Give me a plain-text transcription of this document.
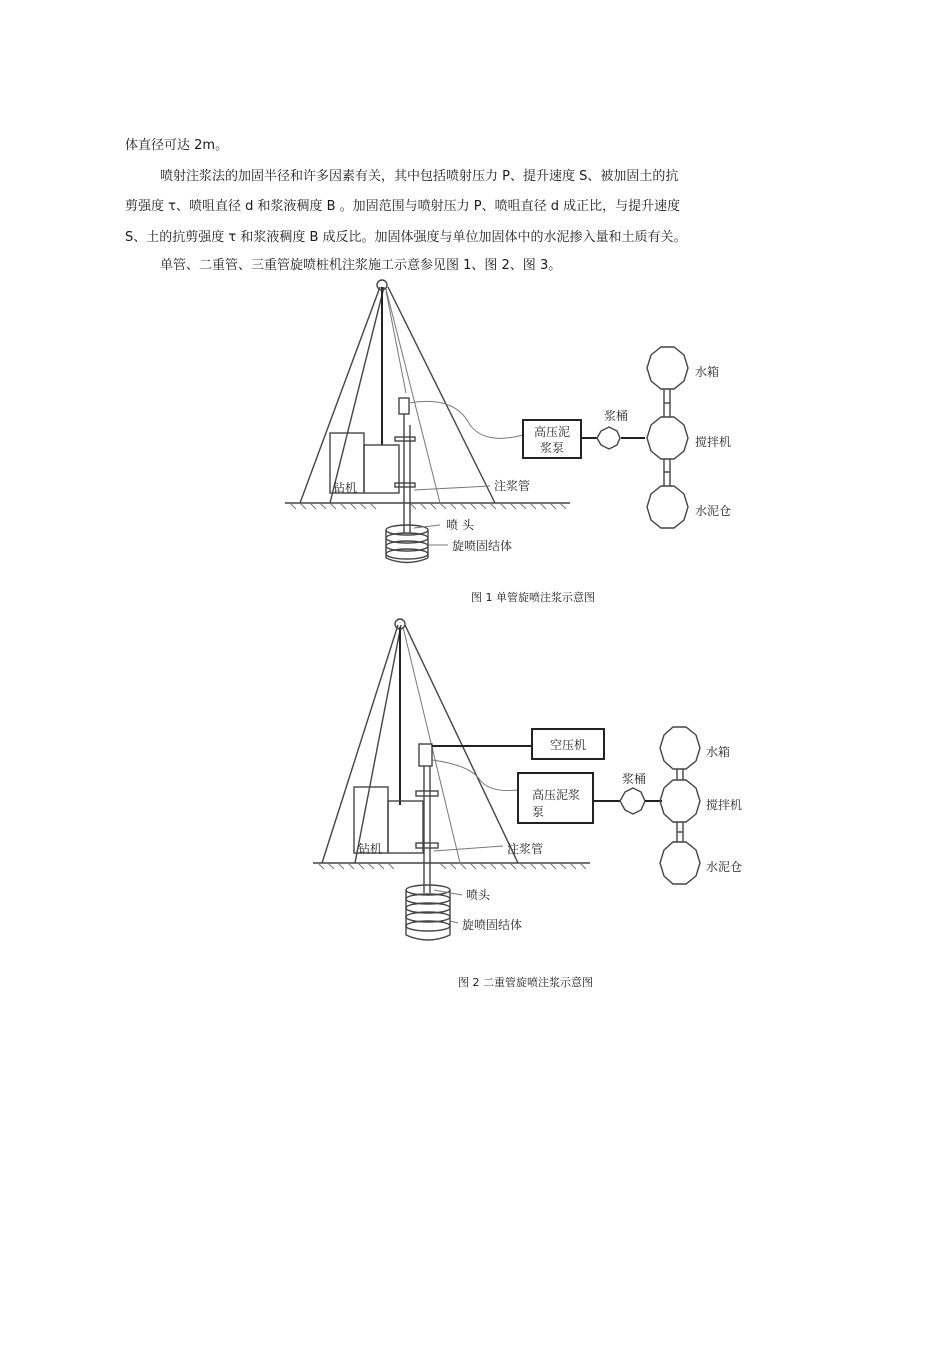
体直径可达 2m。
喷射注浆法的加固半径和许多因素有关，其中包括喷射压力 P、提升速度 S、被加固土的抗
剪强度 τ、喷咀直径 d 和浆液稠度 B 。加固范围与喷射压力 P、喷咀直径 d 成正比，与提升速度
S、土的抗剪强度 τ 和浆液稠度 B 成反比。加固体强度与单位加固体中的水泥掺入量和土质有关。
单管、二重管、三重管旋喷桩机注浆施工示意参见图 1、图 2、图 3。
高压泥
浆泵
浆桶
搅拌机
水箱
水泥仓
钻机	注浆管
喷 头
旋喷固结体
图 1 单管旋喷注浆示意图
空压机
高压泥浆
泵
浆桶
搅拌机
水箱
水泥仓
钻机	注浆管
喷头
旋喷固结体
图 2 二重管旋喷注浆示意图
